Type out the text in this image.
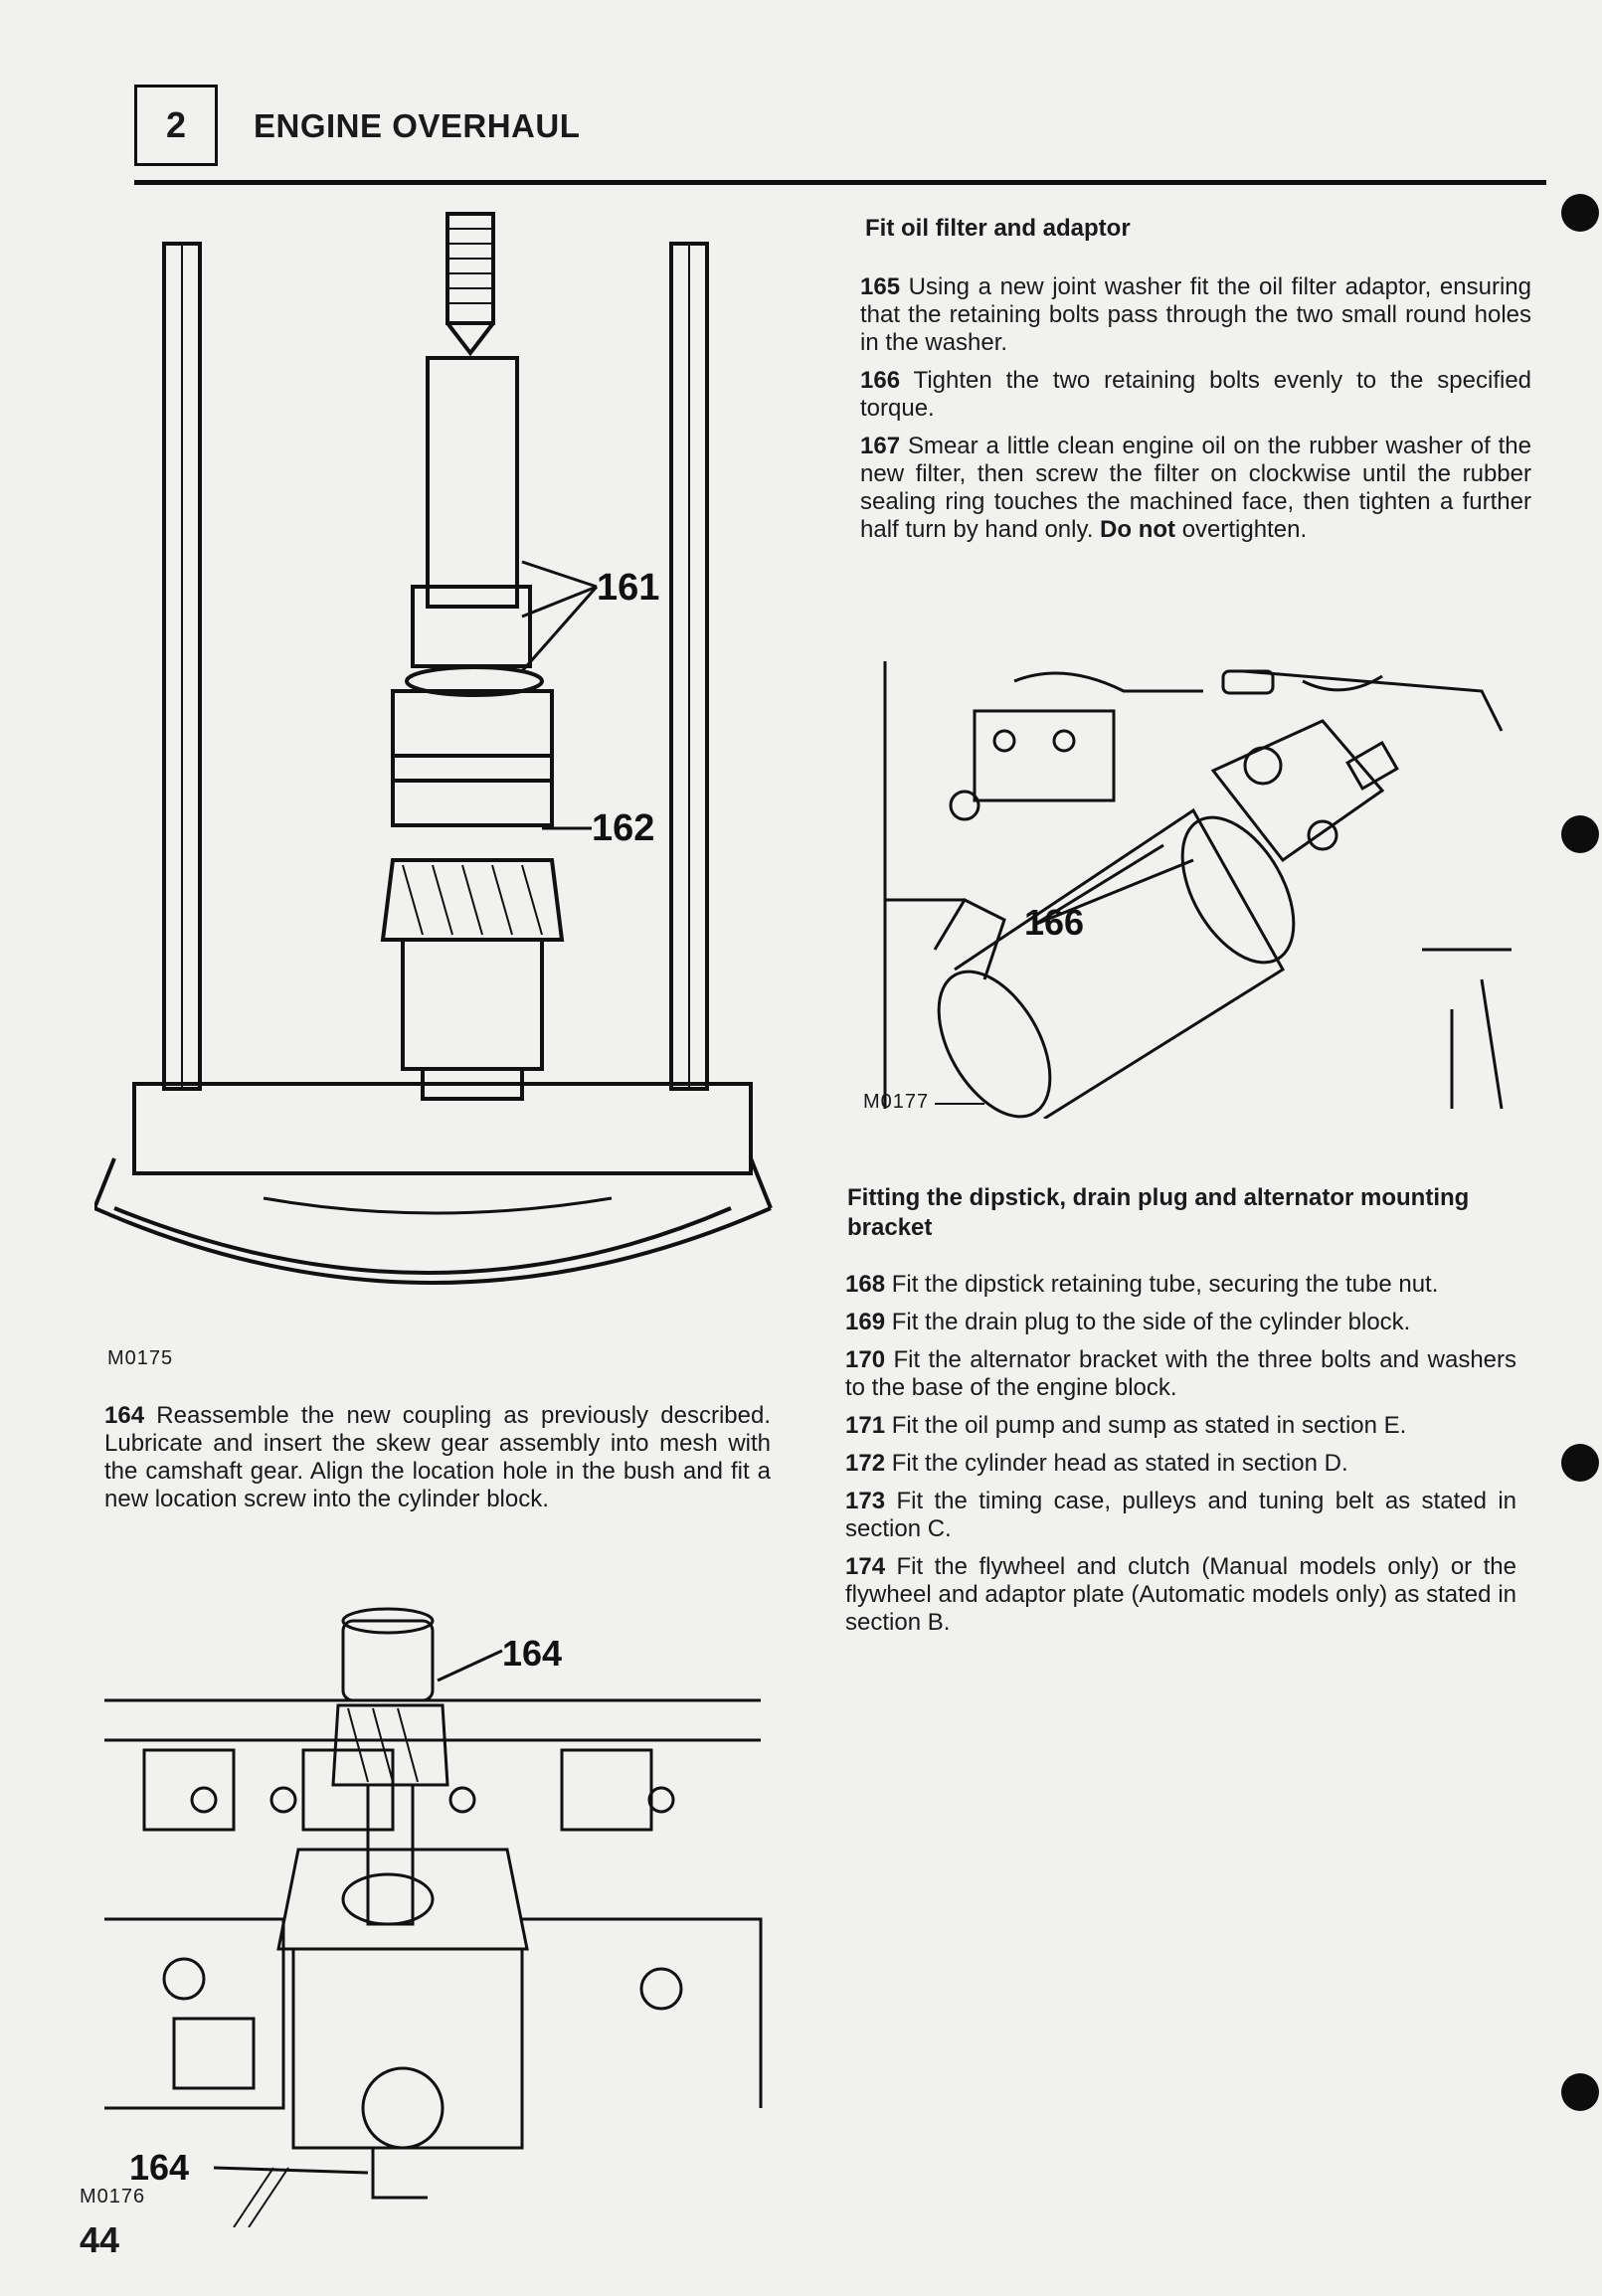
2 ENGINE OVERHAUL
161
162
M0175

164 Reassemble the new coupling as previously described. Lubricate and insert the skew gear assembly into mesh with the camshaft gear. Align the location hole in the bush and fit a new location screw into the cylinder block.

164
164
M0176
44
Fit oil filter and adaptor

165 Using a new joint washer fit the oil filter adaptor, ensuring that the retaining bolts pass through the two small round holes in the washer.

166 Tighten the two retaining bolts evenly to the specified torque.

167 Smear a little clean engine oil on the rubber washer of the new filter, then screw the filter on clockwise until the rubber sealing ring touches the machined face, then tighten a further half turn by hand only. Do not overtighten.

166
M0177
Fitting the dipstick, drain plug and alternator mounting bracket

168 Fit the dipstick retaining tube, securing the tube nut.

169 Fit the drain plug to the side of the cylinder block.

170 Fit the alternator bracket with the three bolts and washers to the base of the engine block.

171 Fit the oil pump and sump as stated in section E.

172 Fit the cylinder head as stated in section D.

173 Fit the timing case, pulleys and tuning belt as stated in section C.

174 Fit the flywheel and clutch (Manual models only) or the flywheel and adaptor plate (Automatic models only) as stated in section B.
